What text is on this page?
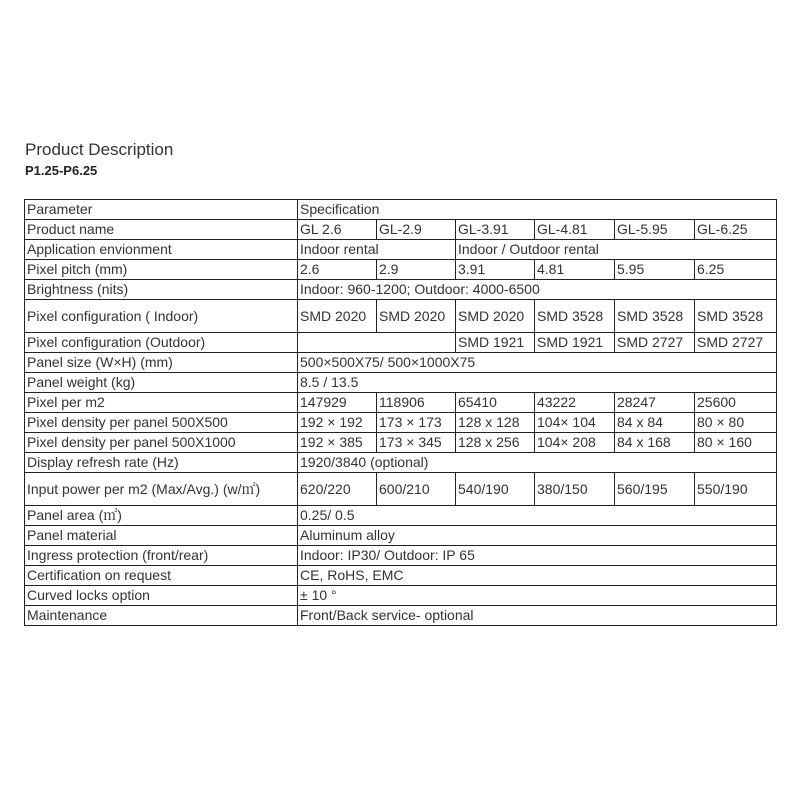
Product Description
P1.25-P6.25
Parameter	Specification					
Product name	GL 2.6	GL-2.9	GL-3.91	GL-4.81	GL-5.95	GL-6.25
Application envionment	Indoor rental		Indoor / Outdoor rental			
Pixel pitch (mm)	2.6	2.9	3.91	4.81	5.95	6.25
Brightness (nits)	Indoor: 960-1200; Outdoor: 4000-6500					
Pixel configuration ( Indoor)	SMD 2020	SMD 2020	SMD 2020	SMD 3528	SMD 3528	SMD 3528
Pixel configuration (Outdoor)			SMD 1921	SMD 1921	SMD 2727	SMD 2727
Panel size (W×H) (mm)	500×500X75/ 500×1000X75					
Panel weight (kg)	8.5 / 13.5					
Pixel per m2	147929	118906	65410	43222	28247	25600
Pixel density per panel 500X500	192 × 192	173 × 173	128 x 128	104× 104	84 x 84	80 × 80
Pixel density per panel 500X1000	192 × 385	173 × 345	128 x 256	104× 208	84 x 168	80 × 160
Display refresh rate (Hz)	1920/3840 (optional)					
Input power per m2 (Max/Avg.) (w/㎡)	620/220	600/210	540/190	380/150	560/195	550/190
Panel area (㎡)	0.25/ 0.5					
Panel material	Aluminum alloy					
Ingress protection (front/rear)	Indoor: IP30/ Outdoor: IP 65					
Certification on request	CE, RoHS, EMC					
Curved locks option	± 10 °					
Maintenance	Front/Back service- optional					
